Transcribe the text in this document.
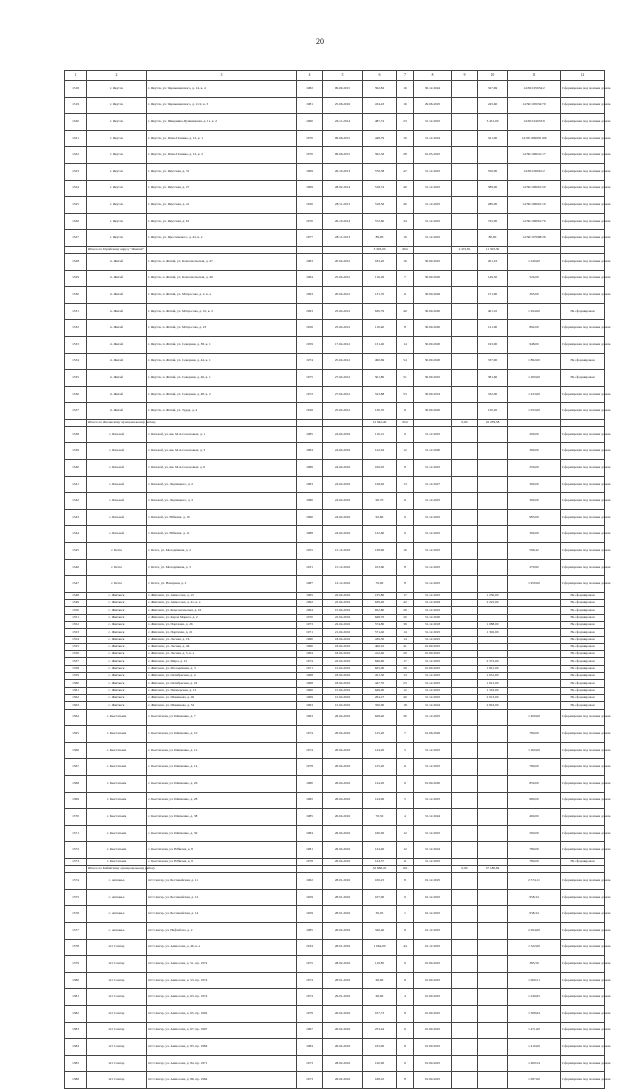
20
1	2	3	4	5	6	7	8	9	10	11	12
1318	г. Якутск	г. Якутск, ул. Чернышевского, д. 14, к. 4	1982	09.09.2015	592,82	16	30.12.2024		327,69	14:36:105034:2	Сформирован под полным домом
1319	г. Якутск	г. Якутск, ул. Чернышевского, д. 11/2, к. 3	1981	25.06.2016	434,43	16	29.06.2025		245,60	14:36:105034:79	Сформирован под полным домом
1320	г. Якутск	г. Якутск, ул. Шверника-Пушкинская, д. 11, к. 2	1960	26.11.2014	487,72	23	31.12.2025		3 431,00	14:36:104033:9	Сформирован под полным домом
1321	г. Якутск	г. Якутск, ул. Ясны Поляны, д. 12, к. 1	1970	09.06.2015	448,79	10	31.12.2024		321,00	14:36:106009:196	Сформирован под полным домом
1322	г. Якутск	г. Якутск, ул. Ясны Поляны, д. 12, к. 2	1970	09.06.2015	592,56	28	01.05.2025			14:36:106041:17	Сформирован под полным домом
1323	г. Якутск	г. Якутск, ул. Якутская, д. 31	1969	26.10.2013	576,38	47	31.12.2025		556,00	14:36:106061:2	Сформирован под полным домом
1324	г. Якутск	г. Якутск, ул. Якутская, д. 27	1969	28.02.2014	518,74	40	31.12.2025		589,00	14:36:106061:20	Сформирован под полным домом
1325	г. Якутск	г. Якутск, ул. Якутская, д. 41	1930	28.11.2013	518,56	40	31.12.2025		280,00	14:36:106061:10	Сформирован под полным домом
1326	г. Якутск	г. Якутск, ул. Якутская, д. 61	1970	26.10.2014	572,60	34	31.12.2025		745,00	14:36:106061:79	Сформирован под полным домом
1327	г. Якутск	г. Якутск, ул. Ярославского, д. 43, к. 2	1977	28.11.2013	89,90	19	31.12.2025		80,00	14:36:107008:26	Сформирован под полным домом
	Итого по Городскому округу "Жатай"				3 393,00	604		2 472,81	11 303,50		
1328	п. Жатай	г. Якутск, п. Жатай, ул. Комсомольская, д. 47	1983	20.04.2012	183,20	16	30.09.2025		201,16	1 240,00	Сформирован под полным домом
1329	п. Жатай	г. Якутск, п. Жатай, ул. Комсомольская, д. 49	1964	25.04.2012	116,29	7	30.09.2020		149,50	524,00	Сформирован под полным домом
1330	п. Жатай	г. Якутск, п. Жатай, ул. Матросова, д. 2, к. а	1993	20.04.2012	131,70	11	30.09.2026		151,90	395,00	Сформирован под полным домом
1331	п. Жатай	г. Якутск, п. Жатай, ул. Матросова, д. 10, к. 2	1993	25.04.2012	630,79	40	30.09.2020		401,10	1 294,00	Не сформирован
1332	п. Жатай	г. Якутск, п. Жатай, ул. Матросова, д. 23	1956	25.04.2012	119,40	8	30.09.2020		121,00	892,00	Сформирован под полным домом
1333	п. Жатай	г. Якутск, п. Жатай, ул. Северная, д. 38, к. 1	1959	17.04.2012	131,40	14	30.09.2020		193,00	948,00	Сформирован под полным домом
1334	п. Жатай	г. Якутск, п. Жатай, ул. Северная, д. 44, к. 1	1974	25.04.2012	490,69	54	30.09.2020		337,00	1 892,00	Не сформирован
1335	п. Жатай	г. Якутск, п. Жатай, ул. Северная, д. 46, к. 1	1975	27.04.2012	501,80	51	30.09.2025		381,60	1 200,00	Не сформирован
1336	п. Жатай	г. Якутск, п. Жатай, ул. Северная, д. 48, к. 2	1972	27.04.2012	523,88	53	30.09.2019		332,00	1 433,00	Сформирован под полным домом
1337	п. Жатай	г. Якутск, п. Жатай, ул. Труда, д. 4	1936	25.04.2012	130,70	11	30.09.2020		150,20	1 033,00	Сформирован под полным домом
	Итого по Жиганскому муниципальному району				12 942,40	654		0,00	16 239,58		
1338	с. Бясьхой	с. Бясьхой, ул. им. М.А.Соколовых, д. 1	1985	24.04.2016	116,15	9	31.12.2025			200,00	Сформирован под полным домом
1339	с. Бясьхой	с. Бясьхой, ул. им. М.А.Соколовых, д. 3	1984	24.04.2016	122,02	12	31.12.2020			390,00	Сформирован под полным домом
1340	с. Бясьхой	с. Бясьхой, ул. им. М.А.Соколовых, д. 6	1986	24.04.2016	106,05	8	31.12.2025			250,00	Сформирован под полным домом
1341	с. Бясьхой	с. Бясьхой, ул. Ладзицкого, д. 2	1983	24.04.2016	128,62	13	31.12.2027			300,00	Сформирован под полным домом
1342	с. Бясьхой	с. Бясьхой, ул. Ладзицкого, д. 3	1980	24.04.2016	90,70	11	31.12.2025			300,00	Сформирован под полным домом
1343	с. Бясьхой	с. Бясьхой, ул. Юбилея, д. 10	1990	24.04.2016	92,80	9	31.12.2025			985,00	Сформирован под полным домом
1344	с. Бясьхой	с. Бясьхой, ул. Юбилея, д. 11	1988	24.04.2016	122,60	9	31.12.2025			390,00	Сформирован под полным домом
1345	с. Бетте	с. Бетте, ул. Молодёжная, д. 2	1955	15.12.2016	128,90	16	31.12.2025			596,42	Сформирован под полным домом
1346	с. Бетте	с. Бетте, ул. Молодёжная, д. 3	1931	15.12.2016	103,60	8	31.12.2025			279,82	Сформирован под полным домом
1347	с. Бетте	с. Бетте, ул. Напарная, д. 2	1987	12.12.2016	76,90	8	31.12.2025			1 950,00	Сформирован под полным домом
1348	с. Жиганск	с. Жиганск, ул. Аммосова, д. 15	1965	22.04.2016	155,80	17	31.12.2025		1 250,00		Не сформирован
1349	с. Жиганск	с. Жиганск, ул. Аммосова, д. 41, к. а	1992	22.04.2016	639,40	42	31.12.2029		2 225,00		Не сформирован
1350	с. Жиганск	с. Жиганск, ул. Комсомольская, д. 16	1994	15.04.2016	652,80	29	31.12.2022				Не сформирован
1351	с. Жиганск	с. Жиганск, ул. Карла Маркса, д. 2	1970	22.04.2016	648,70	20	31.12.2020				Не сформирован
1352	с. Жиганск	с. Жиганск, ул. Партизан, д. 26	1973	22.04.2016	574,80	36	31.12.2018		1 088,00		Не сформирован
1353	с. Жиганск	с. Жиганск, ул. Партизан, д. 21	1971	21.04.2016	571,40	14	31.12.2025		1 392,00		Не сформирован
1354	с. Жиганск	с. Жиганск, ул. Лесная, д. 16	1990	18.04.2016	439,50	14	31.12.2025				Не сформирован
1355	с. Жиганск	с. Жиганск, ул. Лесная, д. 46	1990	18.04.2016	406,10	41	01.09.2025				Не сформирован
1356	с. Жиганск	с. Жиганск, ул. Лесная, д. 5, к. а	1994	18.04.2016	412,40	29	01.09.2025				Не сформирован
1357	с. Жиганск	с. Жиганск, ул. Мира, д. 21	1974	22.04.2016	649,60	17	31.12.2025		2 372,00		Не сформирован
1358	с. Жиганск	с. Жиганск, ул. Молодёжная, д. 3	1971	15.04.2016	625,00	29	01.09.2025		1 821,00		Не сформирован
1359	с. Жиганск	с. Жиганск, ул. Октябрьская, д. 4	1968	18.04.2016	451,30	13	31.12.2025		1 031,00		Не сформирован
1360	с. Жиганск	с. Жиганск, ул. Октябрьская, д. 19	1968	18.04.2016	447,70	23	31.12.2025		1 621,00		Не сформирован
1361	с. Жиганск	с. Жиганск, ул. Пионерская, д. 12	1960	15.04.2016	649,00	12	31.12.2025		1 316,00		Не сформирован
1362	с. Жиганск	с. Жиганск, ул. Шаманова, д. 40	1969	15.04.2016	204,27	40	31.12.2025		2 913,00		Не сформирован
1363	с. Жиганск	с. Жиганск, ул. Шаманова, д. 52	1993	15.04.2016	350,00	18	31.12.2024		2 843,00		Не сформирован
1364	с. Кыстатыам	с. Кыстатыам, ул. Шевченко, д. 7	1993	26.04.2016	628,40	20	31.12.2025			1 400,00	Сформирован под полным домом
1365	с. Кыстатыам	с. Кыстатыам, ул. Шевченко, д. 10	1974	26.04.2016	125,20	7	01.06.2026			780,00	Сформирован под полным домом
1366	с. Кыстатыам	с. Кыстатыам, ул. Шевченко, д. 12	1974	26.04.2016	124,20	5	31.12.2025			1 200,00	Сформирован под полным домом
1367	с. Кыстатыам	с. Кыстатыам, ул. Шевченко, д. 14	1978	26.04.2016	125,20	11	31.12.2025			780,00	Сформирован под полным домом
1368	с. Кыстатыам	с. Кыстатыам, ул. Шевченко, д. 26	1980	26.04.2016	124,20	6	01.09.2020			850,00	Сформирован под полным домом
1369	с. Кыстатыам	с. Кыстатыам, ул. Шевченко, д. 28	1982	26.04.2016	124,00	5	31.12.2025			980,00	Сформирован под полным домом
1370	с. Кыстатыам	с. Кыстатыам, ул. Шевченко, д. 38	1985	26.04.2016	76,50	4	31.12.2024			460,00	Сформирован под полным домом
1371	с. Кыстатыам	с. Кыстатыам, ул. Шевченко, д. 30	1984	26.04.2016	160,00	12	31.12.2025			590,00	Сформирован под полным домом
1372	с. Кыстатыам	с. Кыстатыам, ул. Юбилея, д. 8	1981	26.04.2016	124,40	12	31.12.2024			780,00	Сформирован под полным домом
1373	с. Кыстатыам	с. Кыстатыам, ул. Юбилея, д. 9	1978	26.04.2016	124,37	11	31.12.2025			780,00	Не сформирован
	Итого по Кобяйскому муниципальному району				32 668,45	161		0,00	37 186,84		
1374	с. Аппаньа	пгт Сангар, ул. Бестенейская, д. 11	1962	28.01.2016	100,25	8	01.12.2025			2 574,11	Сформирован под полным домом
1375	с. Аппаньа	пгт Сангар, ул. Бестенейская, д. 12	1959	28.01.2016	107,00	9	01.12.2025			958,34	Сформирован под полным домом
1376	с. Аппаньа	пгт Сангар, ул. Бестенейская, д. 14	1959	28.01.2016	30,05	1	01.12.2025			938,34	Сформирован под полным домом
1377	с. Аппаньа	пгт Сангар, ул. Нефтебаза, д. 2	1985	26.02.2016	326,40	8	01.12.2025			2 294,00	Сформирован под полным домом
1378	пгт Сангар	пгт Сангар, ул. Аммосова, д. 46, к. а	1934	28.01.2016	1 064,00	44	01.12.2025			1 322,00	Сформирован под полным домом
1379	пгт Сангар	пгт Сангар, ул. Аммосова, д. 51, пр. 1974	1975	28.02.2016	119,85	9	01.09.2025			383,56	Сформирован под полным домом
1380	пгт Сангар	пгт Сангар, ул. Аммосова, д. 53, пр. 1974	1974	28.01.2016	66,60	8	01.09.2025			1 006,51	Сформирован под полным домом
1381	пгт Сангар	пгт Сангар, ул. Аммосова, д. 63, пр. 1974	1974	29.01.2016	66,60	4	01.09.2025			1 249,65	Сформирован под полным домом
1382	пгт Сангар	пгт Сангар, ул. Аммосова, д. 65, пр. 1992	1979	26.02.2016	107,73	8	01.09.2025			1 368,64	Сформирован под полным домом
1383	пгт Сангар	пгт Сангар, ул. Аммосова, д. 67, пр. 1997	1997	26.02.2016	253,42	6	01.09.2025			1 471,00	Сформирован под полным домом
1384	пгт Сангар	пгт Сангар, ул. Аммосова, д. 83, пр. 1984	1984	26.02.2016	163,00	8	01.09.2025			1 410,00	Сформирован под полным домом
1385	пгт Сангар	пгт Сангар, ул. Аммосова, д. 84, пр. 1971	1973	28.02.2016	120,00	6	01.09.2025			1 469,54	Сформирован под полным домом
1386	пгт Сангар	пгт Сангар, ул. Аммосова, д. 86, пр. 1964	1973	26.02.2016	168,10	8	01.09.2025			1 097,00	Сформирован под полным домом
